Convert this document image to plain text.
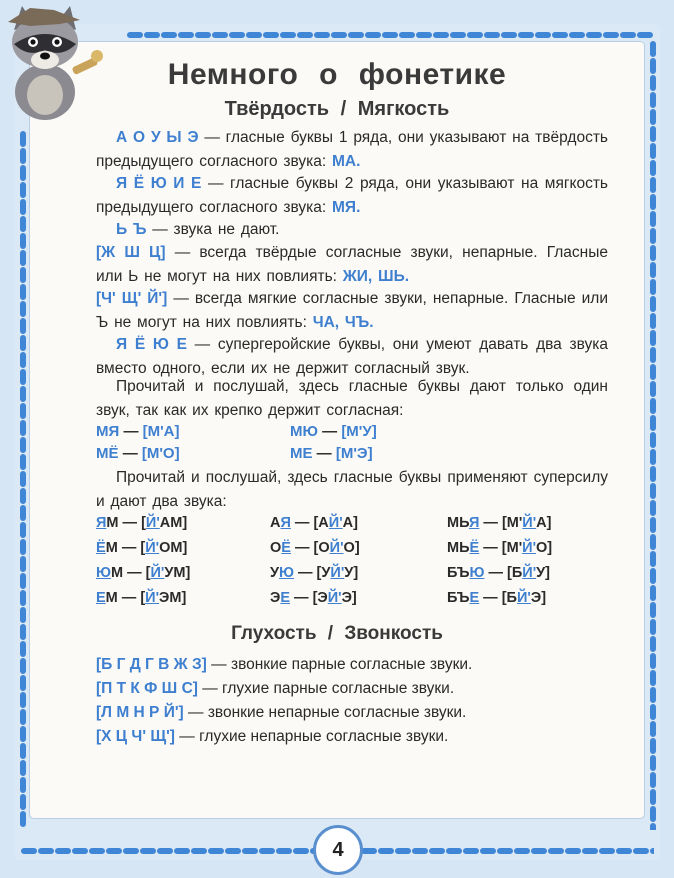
Немного о фонетике
Твёрдость / Мягкость
А О У Ы Э — гласные буквы 1 ряда, они указывают на твёрдость предыдущего согласного звука: МА.
Я Ё Ю И Е — гласные буквы 2 ряда, они указывают на мягкость предыдущего согласного звука: МЯ.
Ь Ъ — звука не дают.
[Ж Ш Ц] — всегда твёрдые согласные звуки, непарные. Гласные или Ь не могут на них повлиять: ЖИ, ШЬ.
[Ч' Щ' Й'] — всегда мягкие согласные звуки, непарные. Гласные или Ъ не могут на них повлиять: ЧА, ЧЪ.
Я Ё Ю Е — супергеройские буквы, они умеют давать два звука вместо одного, если их не держит согласный звук.
Прочитай и послушай, здесь гласные буквы дают только один звук, так как их крепко держит согласная:
МЯ — [М'А]	МЮ — [М'У]
МЁ — [М'О]	МЕ — [М'Э]
Прочитай и послушай, здесь гласные буквы применяют суперсилу и дают два звука:
ЯМ — [Й'АМ]	АЯ — [АЙ'А]	МЬЯ — [М'Й'А]
ЁМ — [Й'ОМ]	ОЁ — [ОЙ'О]	МЬЁ — [М'Й'О]
ЮМ — [Й'УМ]	УЮ — [УЙ'У]	БЪЮ — [БЙ'У]
ЕМ — [Й'ЭМ]	ЭЕ — [ЭЙ'Э]	БЪЕ — [БЙ'Э]
Глухость / Звонкость
[Б Г Д Г В Ж З] — звонкие парные согласные звуки.
[П Т К Ф Ш С] — глухие парные согласные звуки.
[Л М Н Р Й'] — звонкие непарные согласные звуки.
[Х Ц Ч' Щ'] — глухие непарные согласные звуки.
4
